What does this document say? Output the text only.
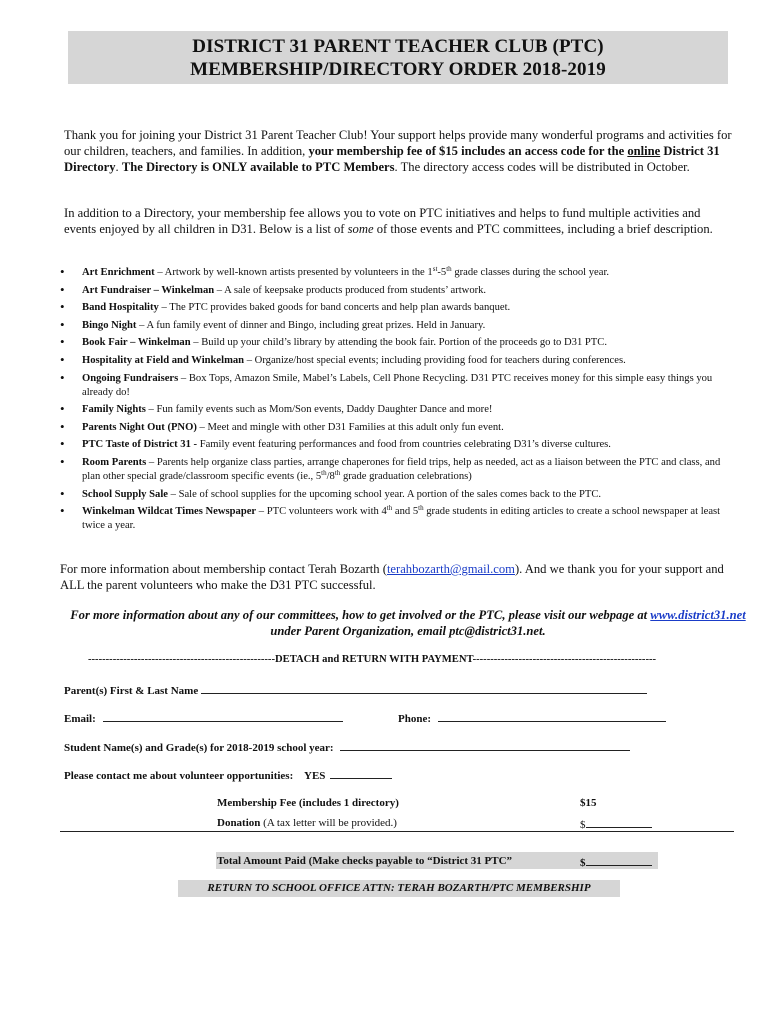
DISTRICT 31 PARENT TEACHER CLUB (PTC)
MEMBERSHIP/DIRECTORY ORDER 2018-2019
Thank you for joining your District 31 Parent Teacher Club! Your support helps provide many wonderful programs and activities for our children, teachers, and families. In addition, your membership fee of $15 includes an access code for the online District 31 Directory. The Directory is ONLY available to PTC Members. The directory access codes will be distributed in October.
In addition to a Directory, your membership fee allows you to vote on PTC initiatives and helps to fund multiple activities and events enjoyed by all children in D31. Below is a list of some of those events and PTC committees, including a brief description.
• Art Enrichment – Artwork by well-known artists presented by volunteers in the 1st-5th grade classes during the school year.
• Art Fundraiser – Winkelman – A sale of keepsake products produced from students’ artwork.
• Band Hospitality – The PTC provides baked goods for band concerts and help plan awards banquet.
• Bingo Night – A fun family event of dinner and Bingo, including great prizes. Held in January.
• Book Fair – Winkelman – Build up your child’s library by attending the book fair. Portion of the proceeds go to D31 PTC.
• Hospitality at Field and Winkelman – Organize/host special events; including providing food for teachers during conferences.
• Ongoing Fundraisers – Box Tops, Amazon Smile, Mabel’s Labels, Cell Phone Recycling. D31 PTC receives money for this simple easy things you already do!
• Family Nights – Fun family events such as Mom/Son events, Daddy Daughter Dance and more!
• Parents Night Out (PNO) – Meet and mingle with other D31 Families at this adult only fun event.
• PTC Taste of District 31 - Family event featuring performances and food from countries celebrating D31’s diverse cultures.
• Room Parents – Parents help organize class parties, arrange chaperones for field trips, help as needed, act as a liaison between the PTC and class, and plan other special grade/classroom specific events (ie., 5th/8th grade graduation celebrations)
• School Supply Sale – Sale of school supplies for the upcoming school year. A portion of the sales comes back to the PTC.
• Winkelman Wildcat Times Newspaper – PTC volunteers work with 4th and 5th grade students in editing articles to create a school newspaper at least twice a year.
For more information about membership contact Terah Bozarth (terahbozarth@gmail.com). And we thank you for your support and ALL the parent volunteers who make the D31 PTC successful.
For more information about any of our committees, how to get involved or the PTC, please visit our webpage at www.district31.net under Parent Organization, email ptc@district31.net.
-----------------------------------------------------DETACH and RETURN WITH PAYMENT----------------------------------------------------
Parent(s) First & Last Name
Email:	Phone:
Student Name(s) and Grade(s) for 2018-2019 school year:
Please contact me about volunteer opportunities: YES
Membership Fee (includes 1 directory)	$15
Donation (A tax letter will be provided.)	$
Total Amount Paid (Make checks payable to “District 31 PTC”	$
RETURN TO SCHOOL OFFICE ATTN: TERAH BOZARTH/PTC MEMBERSHIP
